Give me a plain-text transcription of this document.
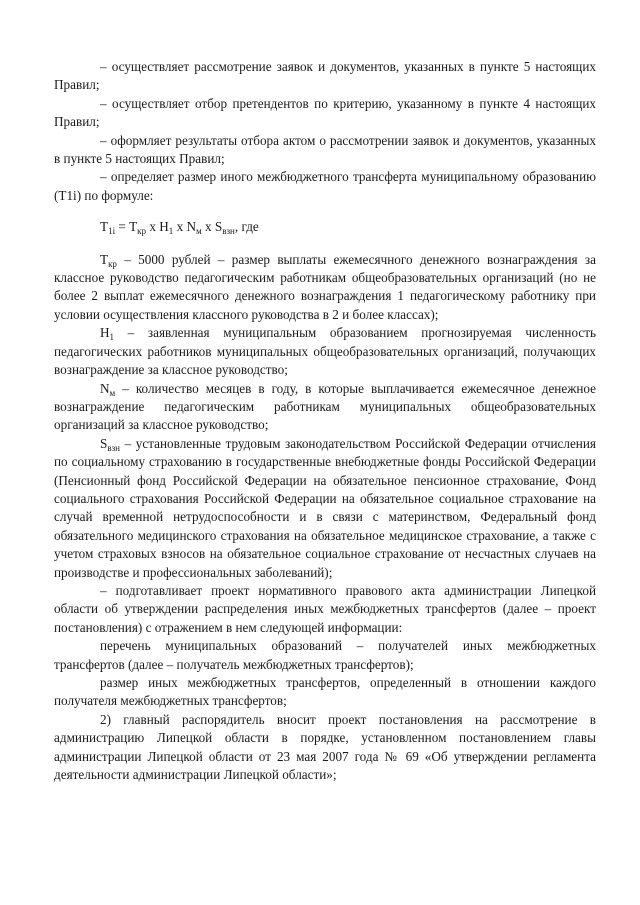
– осуществляет рассмотрение заявок и документов, указанных в пункте 5 настоящих Правил;

– осуществляет отбор претендентов по критерию, указанному в пункте 4 настоящих Правил;

– оформляет результаты отбора актом о рассмотрении заявок и документов, указанных в пункте 5 настоящих Правил;

– определяет размер иного межбюджетного трансферта муниципальному образованию (Т1i) по формуле:

$Т_{1i} = Т_{кр}$ х $Н_1$ х $N_м$ х $S_{взн}$, где

$Т_{кр} - 5000$ рублей – размер выплаты ежемесячного денежного вознаграждения за классное руководство педагогическим работникам общеобразовательных организаций (но не более 2 выплат ежемесячного денежного вознаграждения 1 педагогическому работнику при условии осуществления классного руководства в 2 и более классах);

$Н_1$ – заявленная муниципальным образованием прогнозируемая численность педагогических работников муниципальных общеобразовательных организаций, получающих вознаграждение за классное руководство;

$N_м$ – количество месяцев в году, в которые выплачивается ежемесячное денежное вознаграждение педагогическим работникам муниципальных общеобразовательных организаций за классное руководство;

$S_{взн}$ – установленные трудовым законодательством Российской Федерации отчисления по социальному страхованию в государственные внебюджетные фонды Российской Федерации (Пенсионный фонд Российской Федерации на обязательное пенсионное страхование, Фонд социального страхования Российской Федерации на обязательное социальное страхование на случай временной нетрудоспособности и в связи с материнством, Федеральный фонд обязательного медицинского страхования на обязательное медицинское страхование, а также с учетом страховых взносов на обязательное социальное страхование от несчастных случаев на производстве и профессиональных заболеваний);

– подготавливает проект нормативного правового акта администрации Липецкой области об утверждении распределения иных межбюджетных трансфертов (далее – проект постановления) с отражением в нем следующей информации:

перечень муниципальных образований – получателей иных межбюджетных трансфертов (далее – получатель межбюджетных трансфертов);

размер иных межбюджетных трансфертов, определенный в отношении каждого получателя межбюджетных трансфертов;

2) главный распорядитель вносит проект постановления на рассмотрение в администрацию Липецкой области в порядке, установленном постановлением главы администрации Липецкой области от 23 мая 2007 года № 69 «Об утверждении регламента деятельности администрации Липецкой области»;
